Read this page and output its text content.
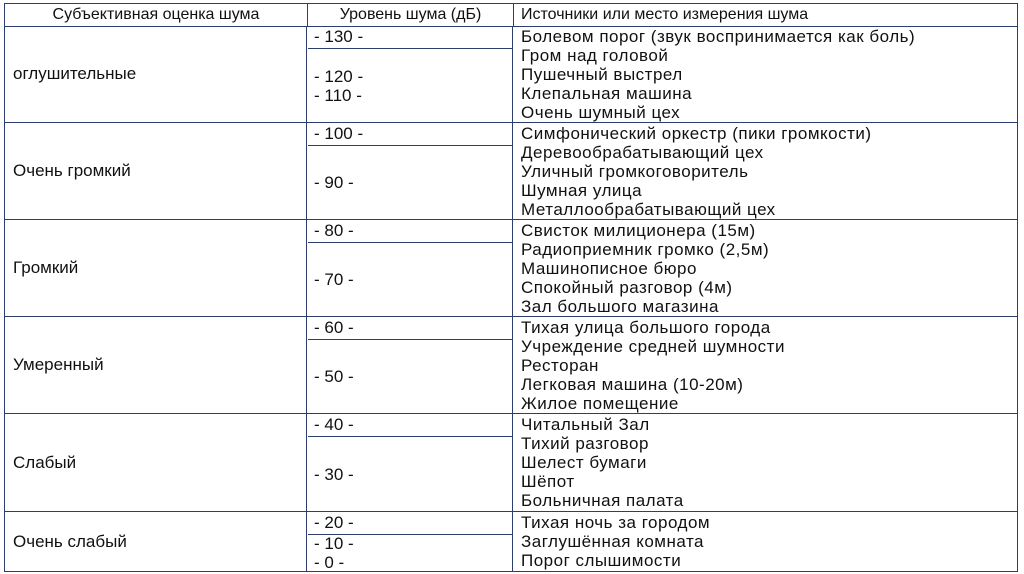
Субъективная оценка шума	Уровень шума (дБ)	Источники или место измерения шума
оглушительные
- 130 -
- 120 -
- 110 -
Болевом порог (звук воспринимается как боль)
Гром над головой
Пушечный выстрел
Клепальная машина
Очень шумный цех
Очень громкий
- 100 -
- 90 -
Симфонический оркестр (пики громкости)
Деревообрабатывающий цех
Уличный громкоговоритель
Шумная улица
Металлообрабатывающий цех
Громкий
- 80 -
- 70 -
Свисток милиционера (15м)
Радиоприемник громко (2,5м)
Машинописное бюро
Спокойный разговор (4м)
Зал большого магазина
Умеренный
- 60 -
- 50 -
Тихая улица большого города
Учреждение средней шумности
Ресторан
Легковая машина (10-20м)
Жилое помещение
Слабый
- 40 -
- 30 -
Читальный Зал
Тихий разговор
Шелест бумаги
Шёпот
Больничная палата
Очень слабый
- 20 -
- 10 -
- 0 -
Тихая ночь за городом
Заглушённая комната
Порог слышимости
